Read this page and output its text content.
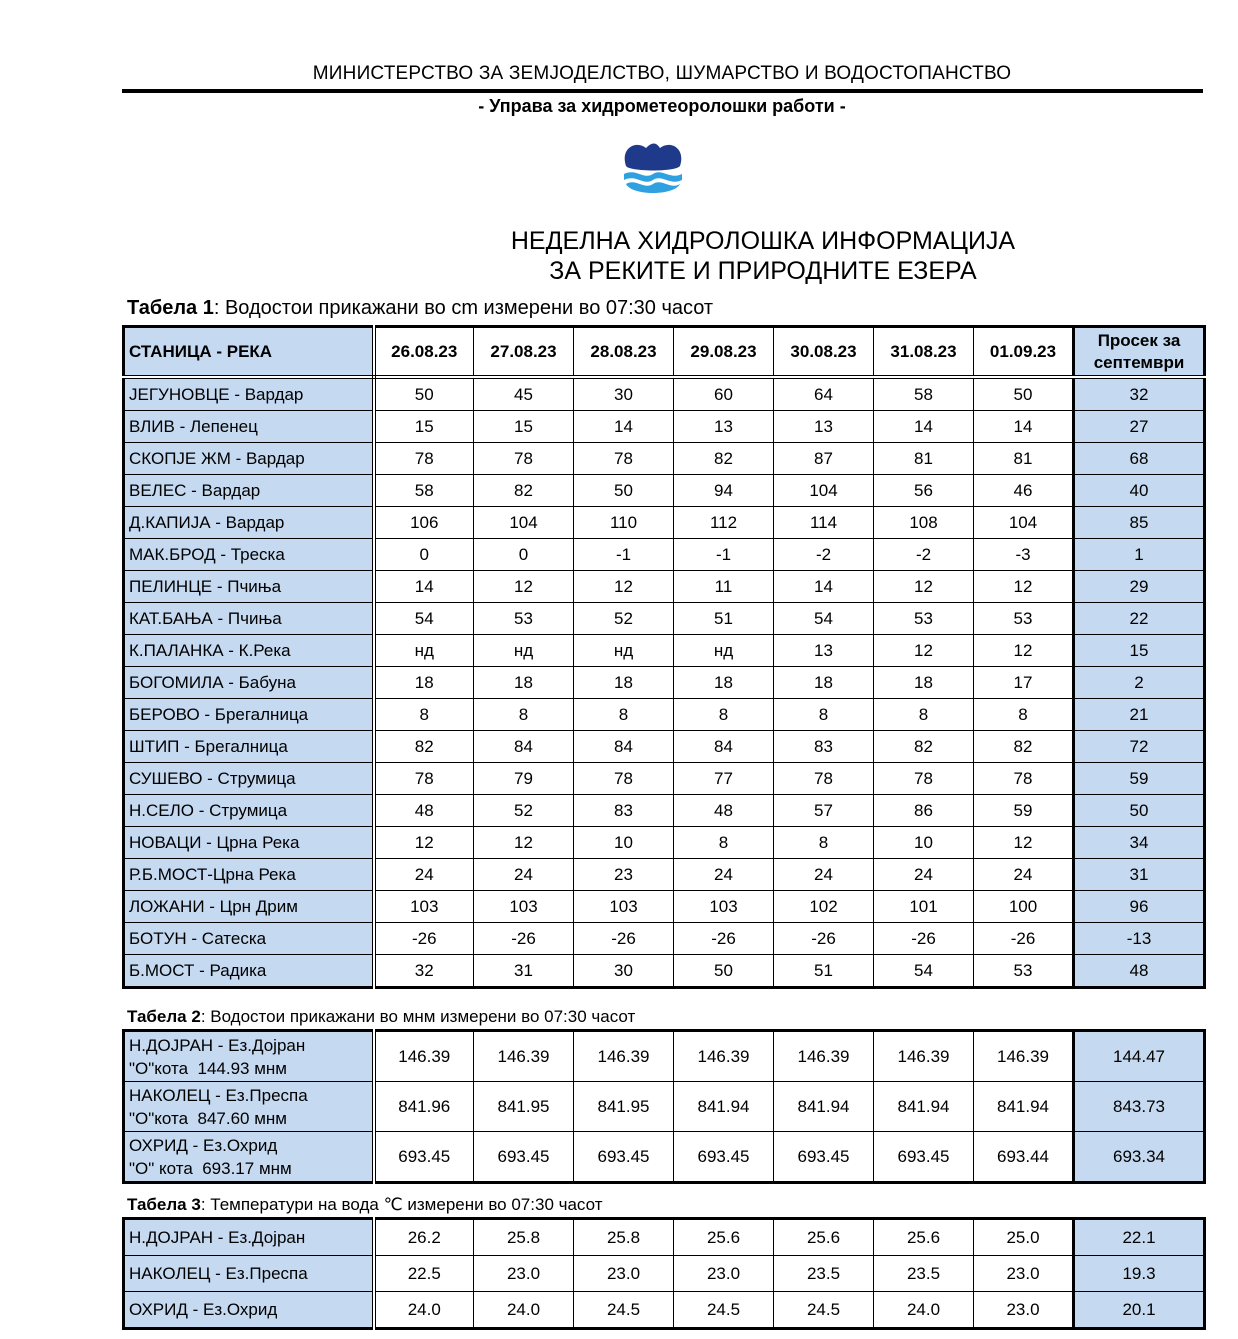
МИНИСТЕРСТВО ЗА ЗЕМЈОДЕЛСТВО, ШУМАРСТВО И ВОДОСТОПАНСТВО
- Управа за хидрометеоролошки работи -
НЕДЕЛНА ХИДРОЛОШКА ИНФОРМАЦИЈА
ЗА РЕКИТЕ И ПРИРОДНИТЕ ЕЗЕРА
Табела 1: Водостои прикажани во cm измерени во 07:30 часот
СТАНИЦА - РЕКА	26.08.23	27.08.23	28.08.23	29.08.23	30.08.23	31.08.23	01.09.23	Просек за септември
ЈЕГУНОВЦЕ - Вардар	50	45	30	60	64	58	50	32
ВЛИВ - Лепенец	15	15	14	13	13	14	14	27
СКОПЈЕ ЖМ - Вардар	78	78	78	82	87	81	81	68
ВЕЛЕС - Вардар	58	82	50	94	104	56	46	40
Д.КАПИЈА - Вардар	106	104	110	112	114	108	104	85
МАК.БРОД - Треска	0	0	-1	-1	-2	-2	-3	1
ПЕЛИНЦЕ - Пчиња	14	12	12	11	14	12	12	29
КАТ.БАЊА - Пчиња	54	53	52	51	54	53	53	22
К.ПАЛАНКА - К.Река	нд	нд	нд	нд	13	12	12	15
БОГОМИЛА - Бабуна	18	18	18	18	18	18	17	2
БЕРОВО - Брегалница	8	8	8	8	8	8	8	21
ШТИП - Брегалница	82	84	84	84	83	82	82	72
СУШЕВО - Струмица	78	79	78	77	78	78	78	59
Н.СЕЛО - Струмица	48	52	83	48	57	86	59	50
НОВАЦИ - Црна Река	12	12	10	8	8	10	12	34
Р.Б.МОСТ-Црна Река	24	24	23	24	24	24	24	31
ЛОЖАНИ - Црн Дрим	103	103	103	103	102	101	100	96
БОТУН - Сатеска	-26	-26	-26	-26	-26	-26	-26	-13
Б.МОСТ - Радика	32	31	30	50	51	54	53	48
Табела 2: Водостои прикажани во мнм измерени во 07:30 часот
Н.ДОЈРАН - Ез.Дојран
"О"кота  144.93 мнм	146.39	146.39	146.39	146.39	146.39	146.39	146.39	144.47

НАКОЛЕЦ - Ез.Преспа
"О"кота  847.60 мнм	841.96	841.95	841.95	841.94	841.94	841.94	841.94	843.73

ОХРИД - Ез.Охрид
"О" кота  693.17 мнм	693.45	693.45	693.45	693.45	693.45	693.45	693.44	693.34
Табела 3: Температури на вода ℃ измерени во 07:30 часот
Н.ДОЈРАН - Ез.Дојран	26.2	25.8	25.8	25.6	25.6	25.6	25.0	22.1
НАКОЛЕЦ - Ез.Преспа	22.5	23.0	23.0	23.0	23.5	23.5	23.0	19.3
ОХРИД - Ез.Охрид	24.0	24.0	24.5	24.5	24.5	24.0	23.0	20.1
